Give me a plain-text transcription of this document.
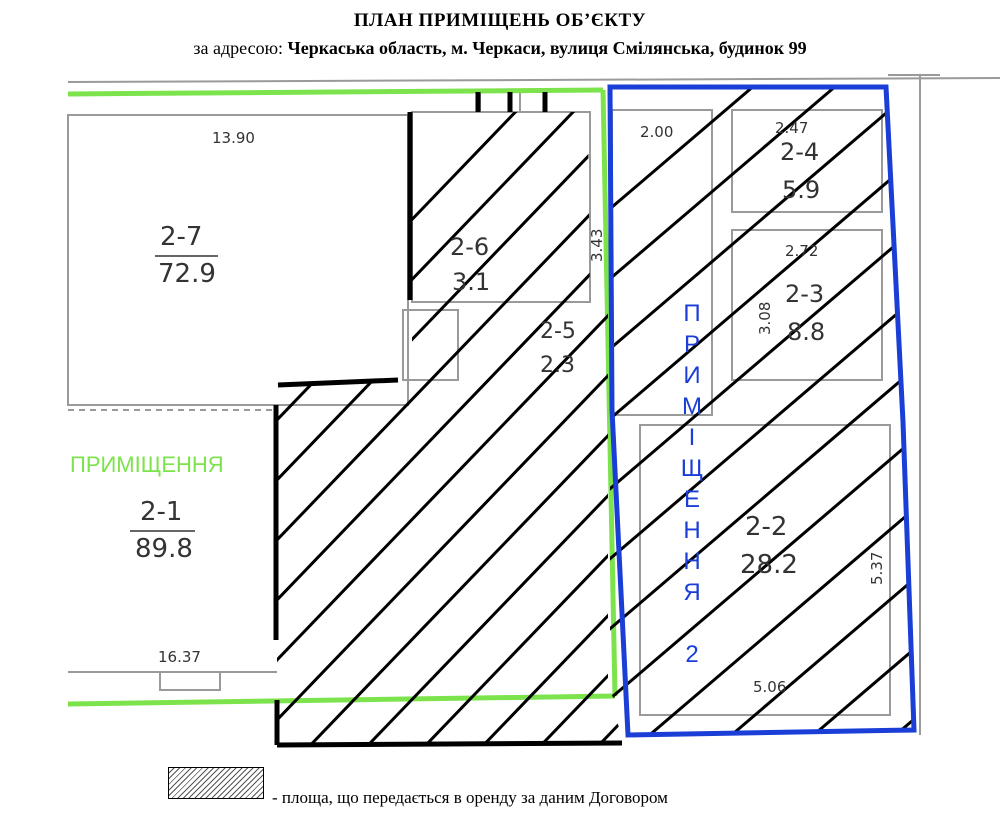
ПЛАН ПРИМІЩЕНЬ ОБ’ЄКТУ
за адресою: Черкаська область, м. Черкаси, вулиця Смілянська, будинок 99
2-7
72.9
2-6
3.1
2-5
2.3
2-1
89.8
2-4
5.9
2-3
8.8
2-2
28.2
13.90
16.37
2.00	2.47
2.72
3.08
3.43
5.37
5.06
ПРИМІЩЕННЯ	ПРИМІЩЕННЯ 2
- площа, що передається в оренду за даним Договором
